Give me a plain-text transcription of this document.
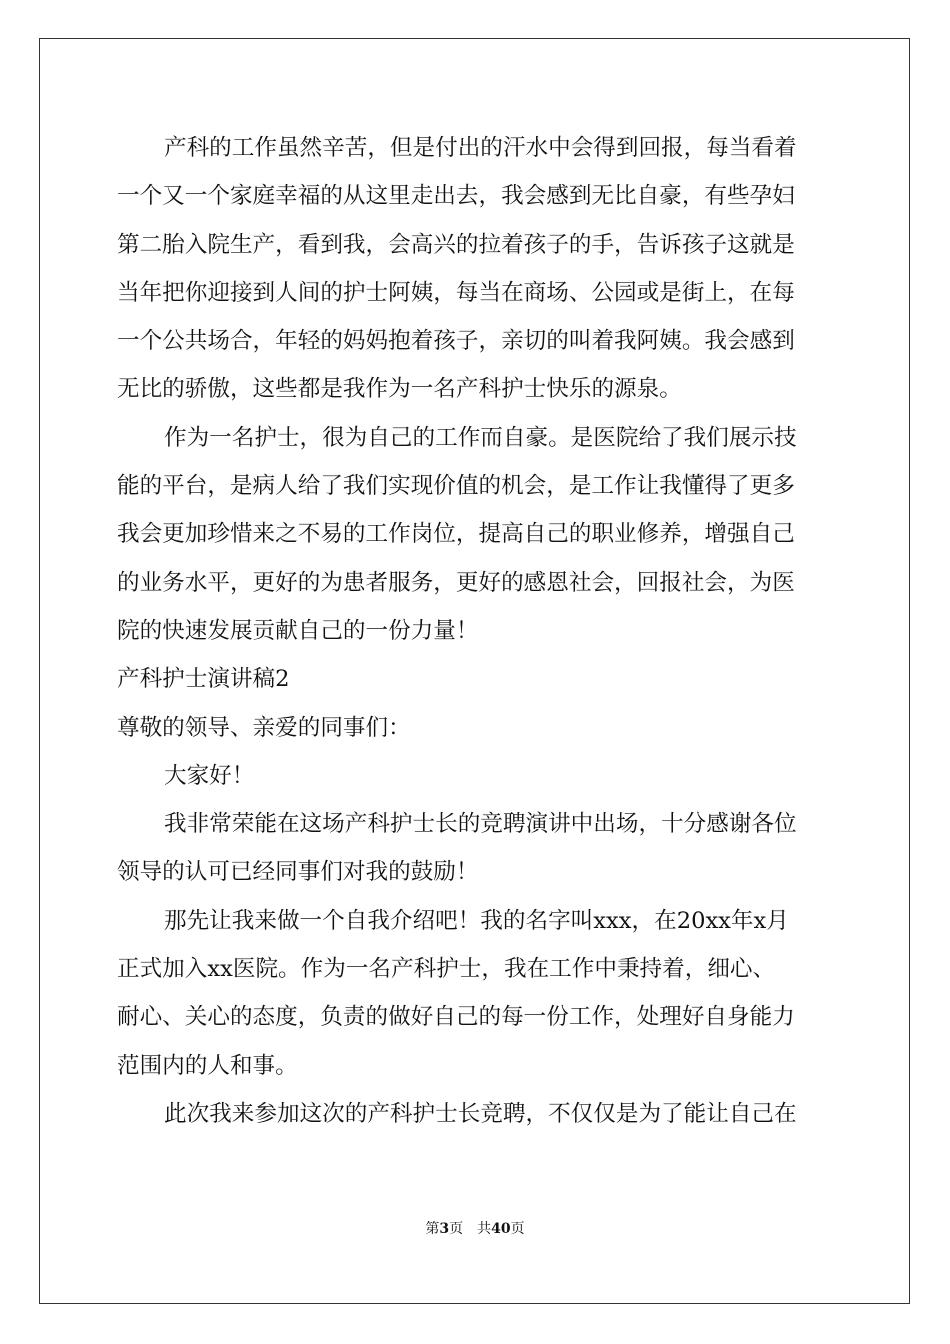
产科的工作虽然辛苦，但是付出的汗水中会得到回报，每当看着
一个又一个家庭幸福的从这里走出去，我会感到无比自豪，有些孕妇
第二胎入院生产，看到我，会高兴的拉着孩子的手，告诉孩子这就是
当年把你迎接到人间的护士阿姨，每当在商场、公园或是街上，在每
一个公共场合，年轻的妈妈抱着孩子，亲切的叫着我阿姨。我会感到
无比的骄傲，这些都是我作为一名产科护士快乐的源泉。
作为一名护士，很为自己的工作而自豪。是医院给了我们展示技
能的平台，是病人给了我们实现价值的机会，是工作让我懂得了更多
我会更加珍惜来之不易的工作岗位，提高自己的职业修养，增强自己
的业务水平，更好的为患者服务，更好的感恩社会，回报社会，为医
院的快速发展贡献自己的一份力量！
产科护士演讲稿2
尊敬的领导、亲爱的同事们：
大家好！
我非常荣能在这场产科护士长的竞聘演讲中出场，十分感谢各位
领导的认可已经同事们对我的鼓励！
那先让我来做一个自我介绍吧！我的名字叫xxx，在20xx年x月
正式加入xx医院。作为一名产科护士，我在工作中秉持着，细心、
耐心、关心的态度，负责的做好自己的每一份工作，处理好自身能力
范围内的人和事。
此次我来参加这次的产科护士长竞聘，不仅仅是为了能让自己在
第3页 共40页
